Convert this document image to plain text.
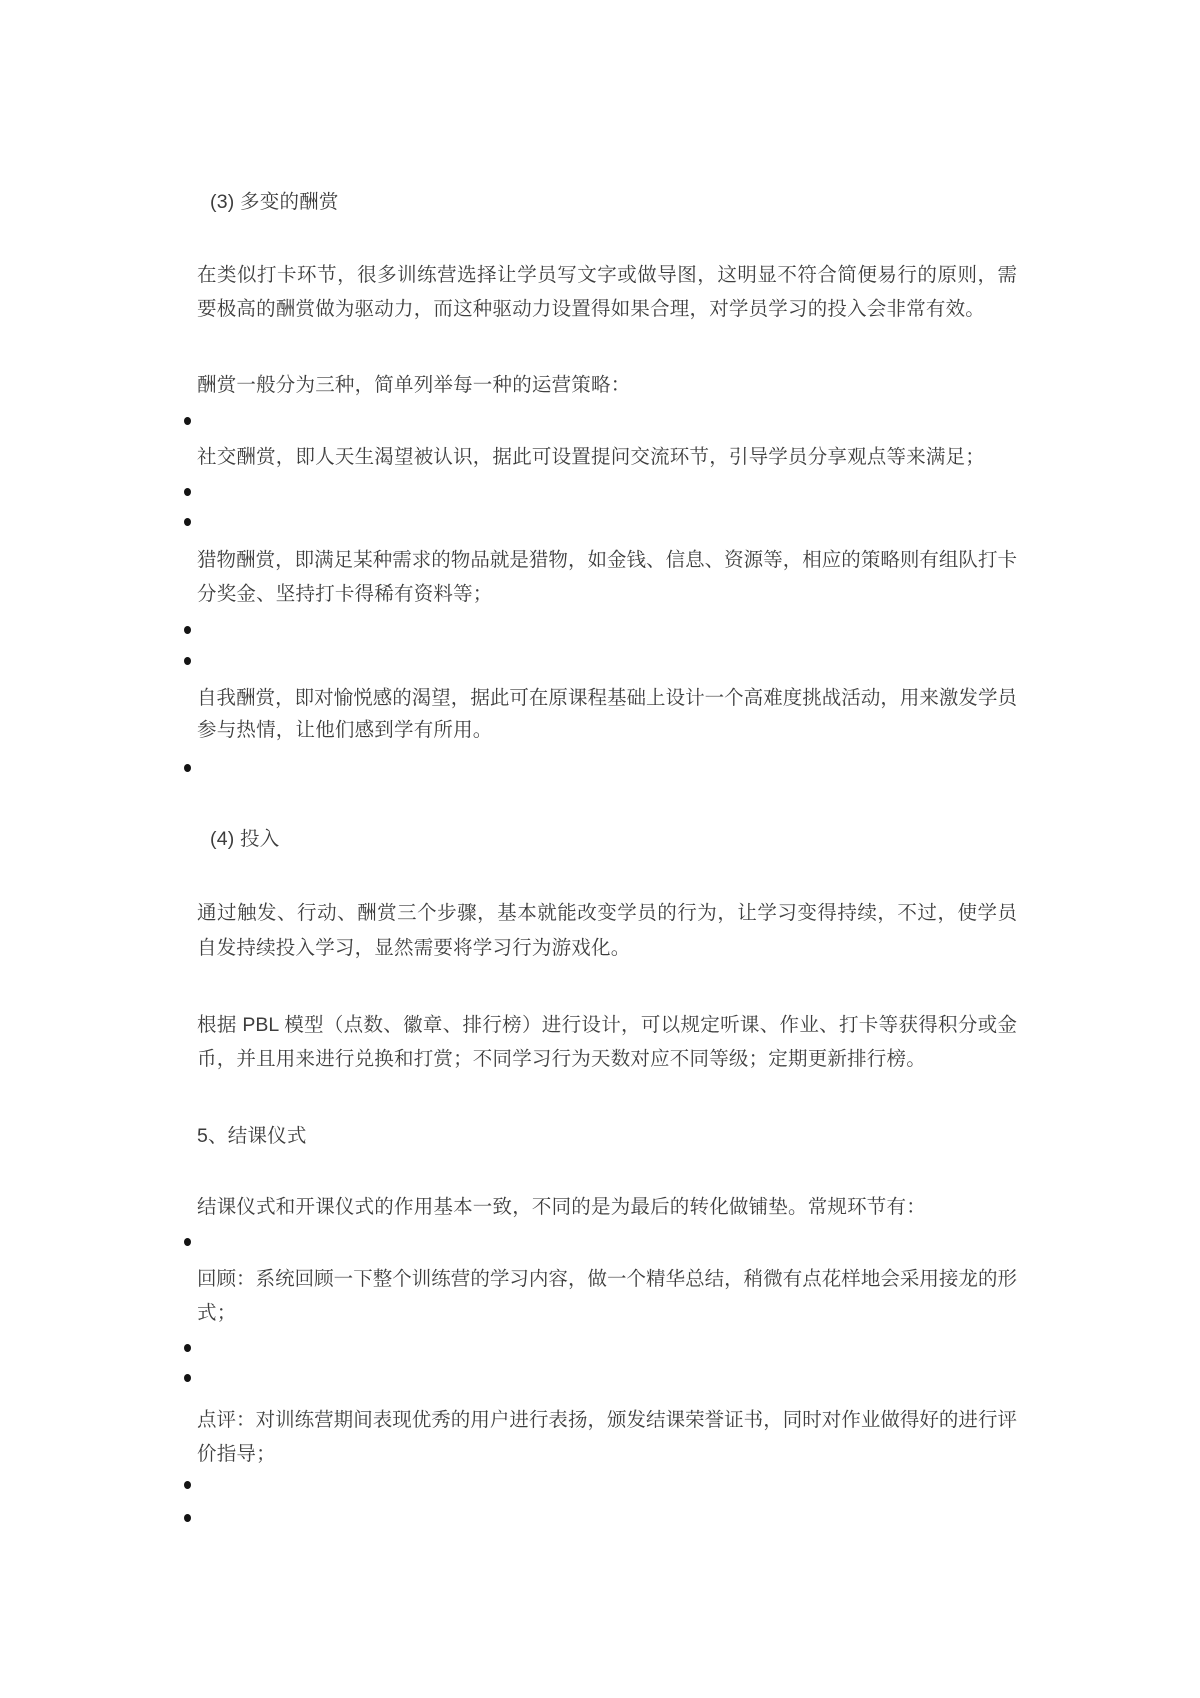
(3) 多变的酬赏
在类似打卡环节，很多训练营选择让学员写文字或做导图，这明显不符合简便易行的原则，需
要极高的酬赏做为驱动力，而这种驱动力设置得如果合理，对学员学习的投入会非常有效。
酬赏一般分为三种，简单列举每一种的运营策略：
社交酬赏，即人天生渴望被认识，据此可设置提问交流环节，引导学员分享观点等来满足；
猎物酬赏，即满足某种需求的物品就是猎物，如金钱、信息、资源等，相应的策略则有组队打卡
分奖金、坚持打卡得稀有资料等；
自我酬赏，即对愉悦感的渴望，据此可在原课程基础上设计一个高难度挑战活动，用来激发学员
参与热情，让他们感到学有所用。
(4) 投入
通过触发、行动、酬赏三个步骤，基本就能改变学员的行为，让学习变得持续，不过，使学员
自发持续投入学习，显然需要将学习行为游戏化。
根据 PBL 模型（点数、徽章、排行榜）进行设计，可以规定听课、作业、打卡等获得积分或金
币，并且用来进行兑换和打赏；不同学习行为天数对应不同等级；定期更新排行榜。
5、结课仪式
结课仪式和开课仪式的作用基本一致，不同的是为最后的转化做铺垫。常规环节有：
回顾：系统回顾一下整个训练营的学习内容，做一个精华总结，稍微有点花样地会采用接龙的形
式；
点评：对训练营期间表现优秀的用户进行表扬，颁发结课荣誉证书，同时对作业做得好的进行评
价指导；
